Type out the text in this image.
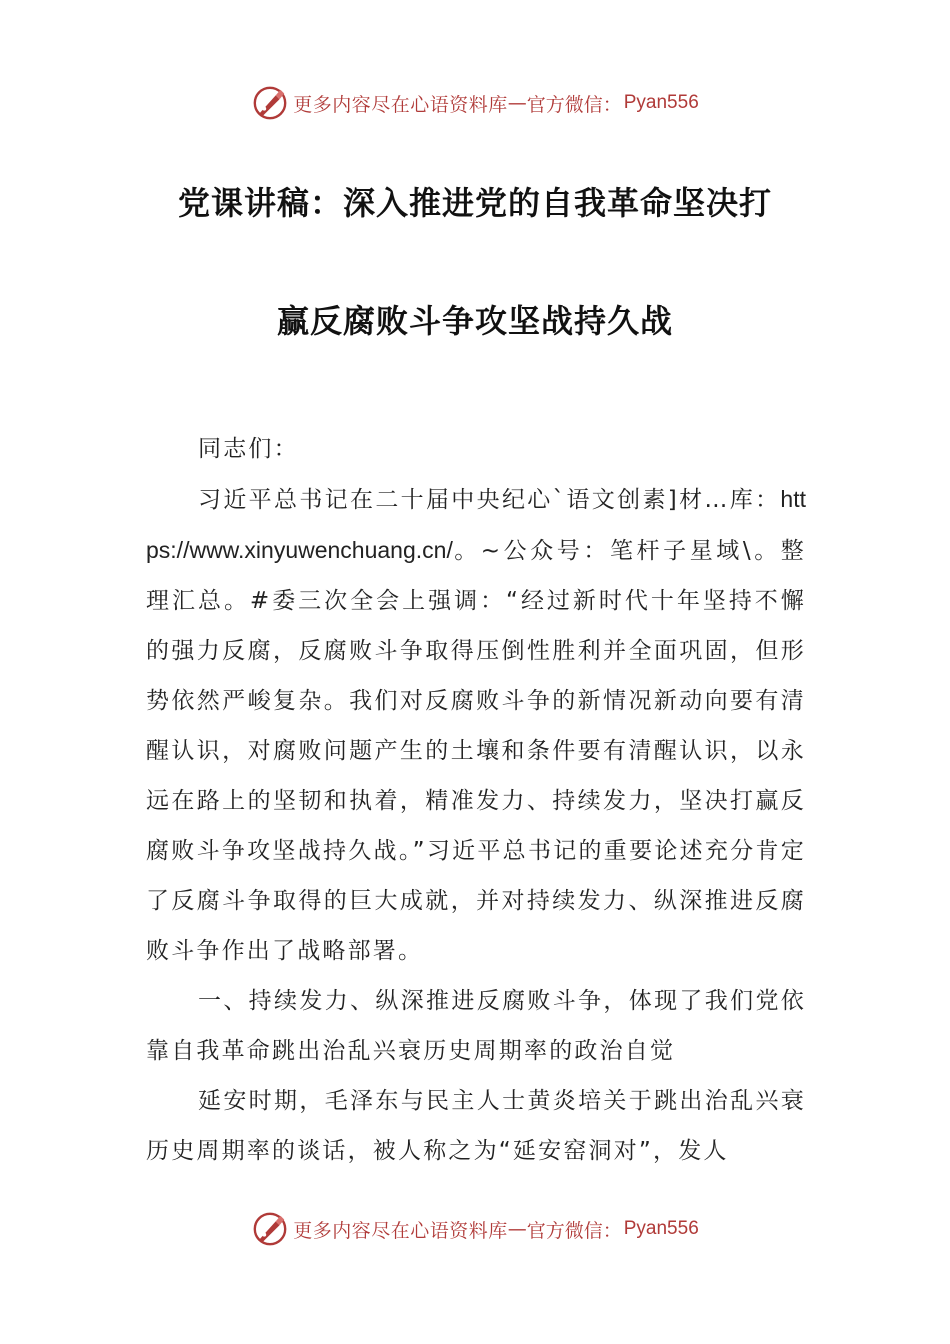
更多内容尽在心语资料库 — 官方微信： Pyan556
党课讲稿：深入推进党的自我革命坚决打
赢反腐败斗争攻坚战持久战

同志们：

习近平总书记在二十届中央纪心`语文创素]材…库：https://www.xinyuwenchuang.cn/。~公众号：笔杆子星域\。整理汇总。#委三次全会上强调：“经过新时代十年坚持不懈的强力反腐，反腐败斗争取得压倒性胜利并全面巩固，但形势依然严峻复杂。我们对反腐败斗争的新情况新动向要有清醒认识，对腐败问题产生的土壤和条件要有清醒认识，以永远在路上的坚韧和执着，精准发力、持续发力，坚决打赢反腐败斗争攻坚战持久战。”习近平总书记的重要论述充分肯定了反腐斗争取得的巨大成就，并对持续发力、纵深推进反腐败斗争作出了战略部署。

一、持续发力、纵深推进反腐败斗争，体现了我们党依靠自我革命跳出治乱兴衰历史周期率的政治自觉

延安时期，毛泽东与民主人士黄炎培关于跳出治乱兴衰历史周期率的谈话，被人称之为“延安窑洞对”，发人

更多内容尽在心语资料库 — 官方微信： Pyan556
